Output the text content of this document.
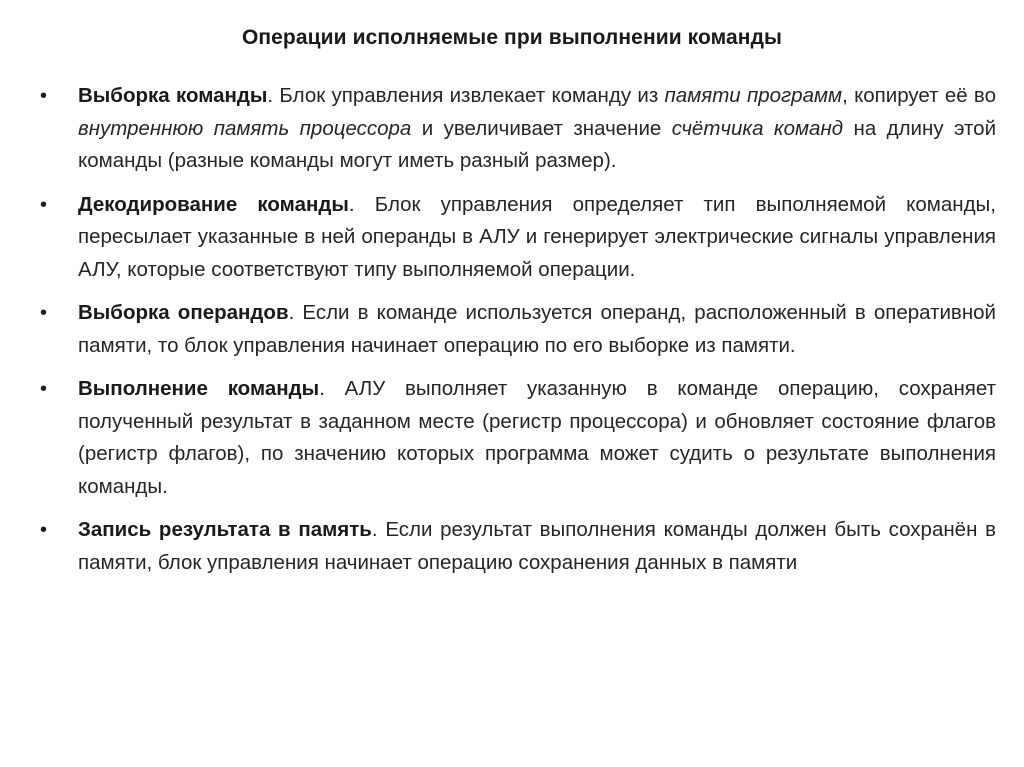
Операции исполняемые при выполнении команды
•	Выборка команды. Блок управления извлекает команду из памяти программ, копирует её во внутреннюю память процессора и увеличивает значение счётчика команд на длину этой команды (разные команды могут иметь разный размер).
•	Декодирование команды. Блок управления определяет тип выполняемой команды, пересылает указанные в ней операнды в АЛУ и генерирует электрические сигналы управления АЛУ, которые соответствуют типу выполняемой операции.
•	Выборка операндов. Если в команде используется операнд, расположенный в оперативной памяти, то блок управления начинает операцию по его выборке из памяти.
•	Выполнение команды. АЛУ выполняет указанную в команде операцию, сохраняет полученный результат в заданном месте (регистр процессора) и обновляет состояние флагов (регистр флагов), по значению которых программа может судить о результате выполнения команды.
•	Запись результата в память. Если результат выполнения команды должен быть сохранён в памяти, блок управления начинает операцию сохранения данных в памяти
